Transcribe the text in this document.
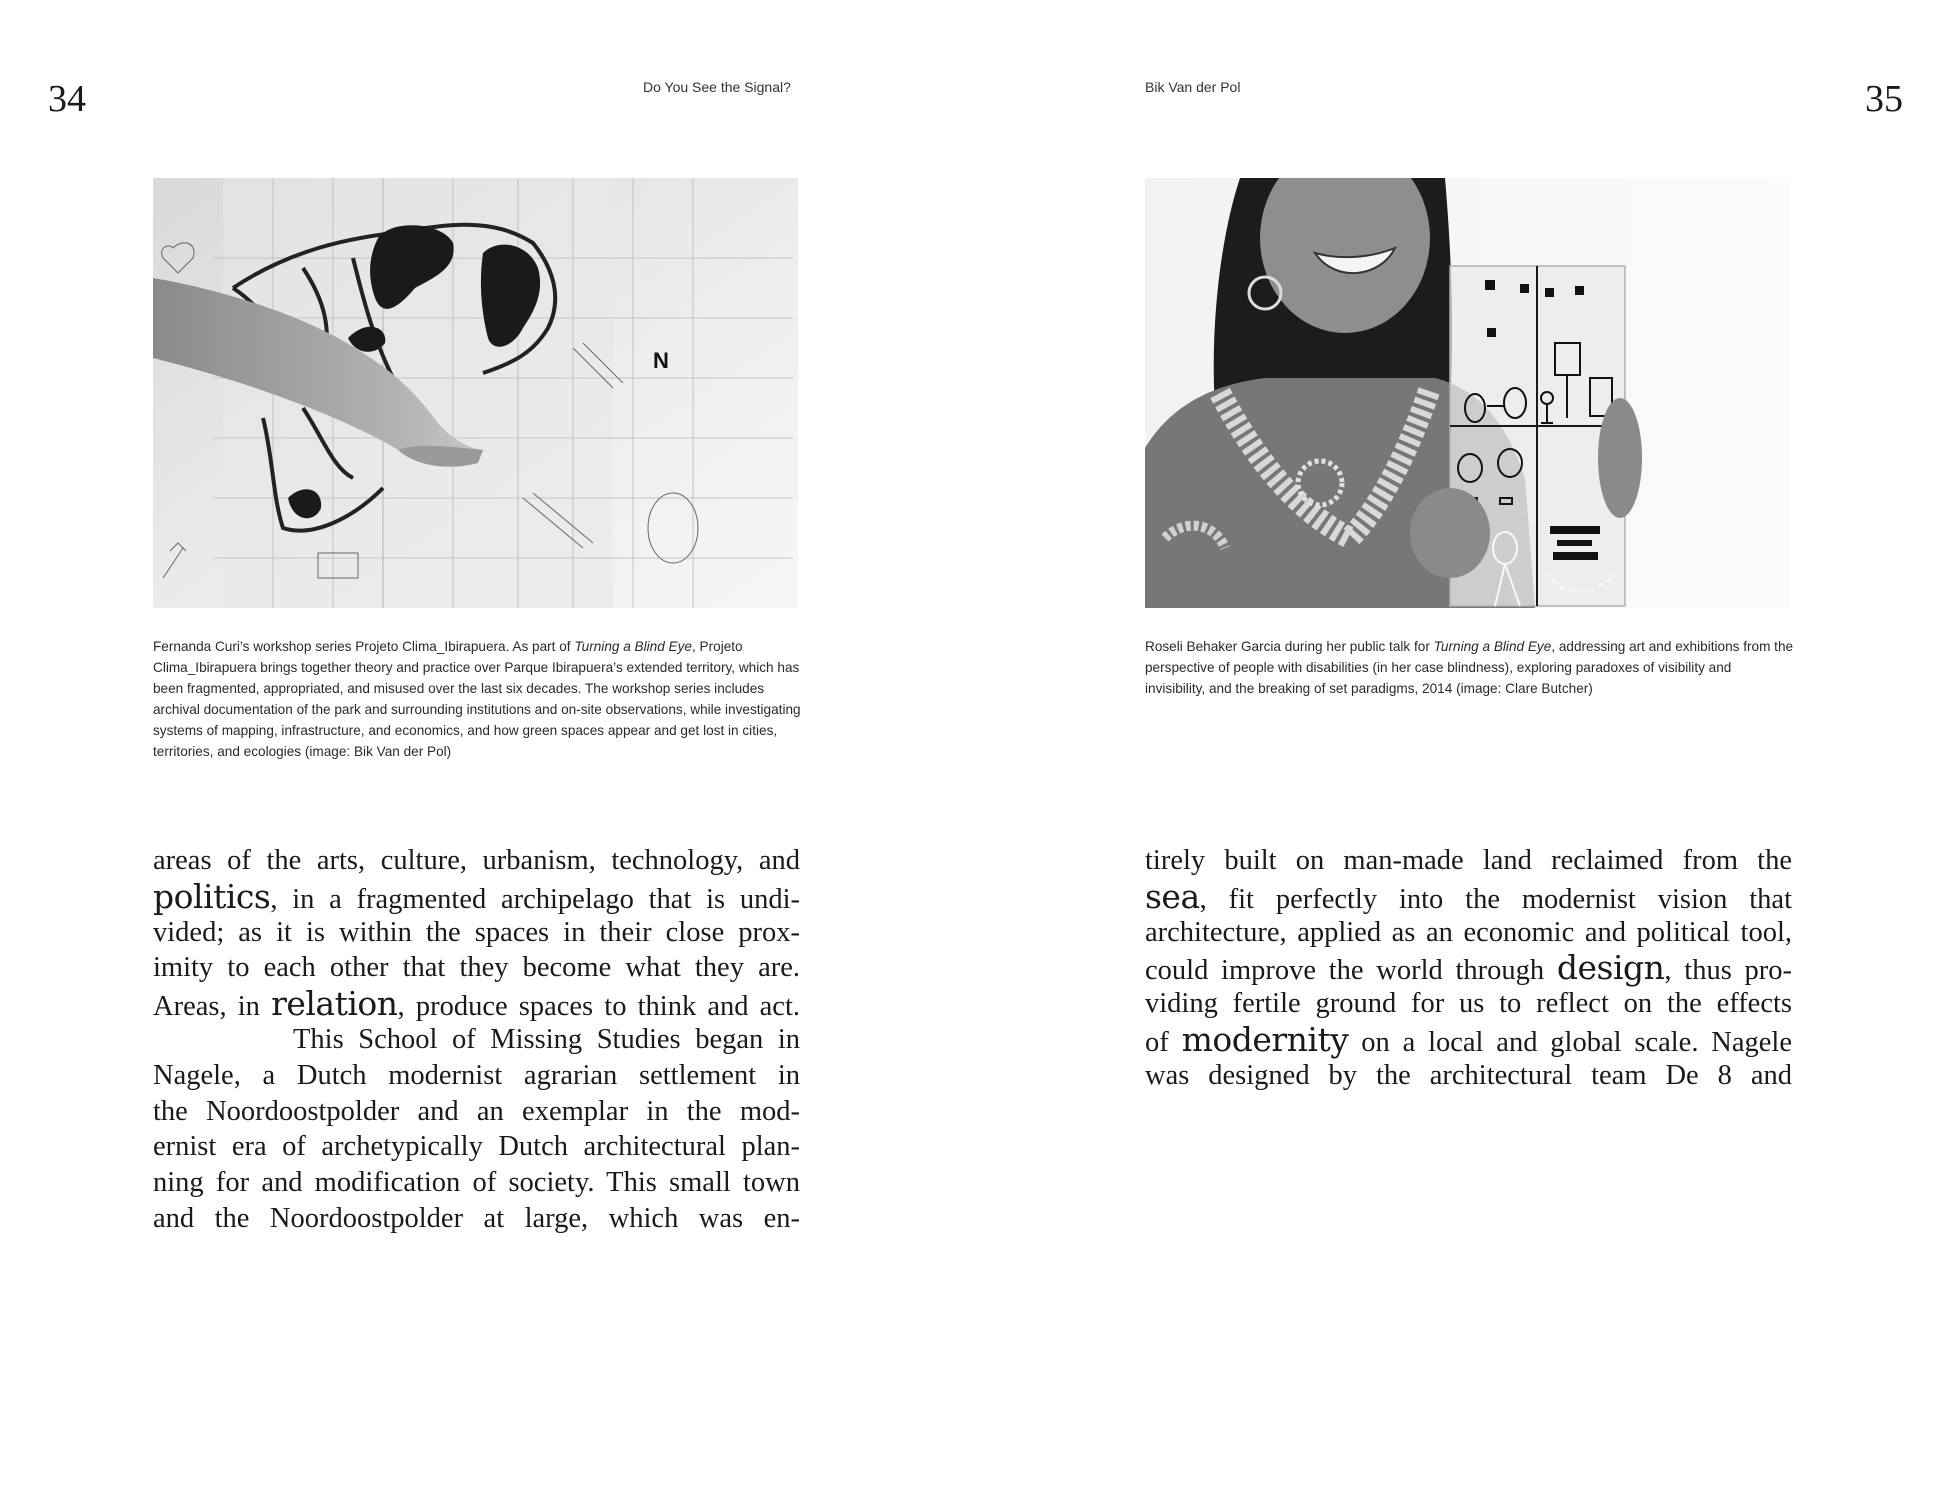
34	Do You See the Signal?
N
Fernanda Curi’s workshop series Projeto Clima_Ibirapuera. As part of Turning a Blind Eye, Projeto Clima_Ibirapuera brings together theory and practice over Parque Ibirapuera’s extended territory, which has been fragmented, appropriated, and misused over the last six decades. The workshop series includes archival documentation of the park and surrounding institutions and on-site observations, while investigating systems of mapping, infrastructure, and economics, and how green spaces appear and get lost in cities, territories, and ecologies (image: Bik Van der Pol)
areas of the arts, culture, urbanism, technology, and
politics, in a fragmented archipelago that is undi-
vided; as it is within the spaces in their close prox-
imity to each other that they become what they are.
Areas, in relation, produce spaces to think and act.
This School of Missing Studies began in
Nagele, a Dutch modernist agrarian settlement in
the Noordoostpolder and an exemplar in the mod-
ernist era of archetypically Dutch architectural plan-
ning for and modification of society. This small town
and the Noordoostpolder at large, which was en-
Bik Van der Pol	35
Roseli Behaker Garcia during her public talk for Turning a Blind Eye, addressing art and exhibitions from the perspective of people with disabilities (in her case blindness), exploring paradoxes of visibility and invisibility, and the breaking of set paradigms, 2014 (image: Clare Butcher)
tirely built on man-made land reclaimed from the
sea, fit perfectly into the modernist vision that
architecture, applied as an economic and political tool,
could improve the world through design, thus pro-
viding fertile ground for us to reflect on the effects
of modernity on a local and global scale. Nagele
was designed by the architectural team De 8 and
